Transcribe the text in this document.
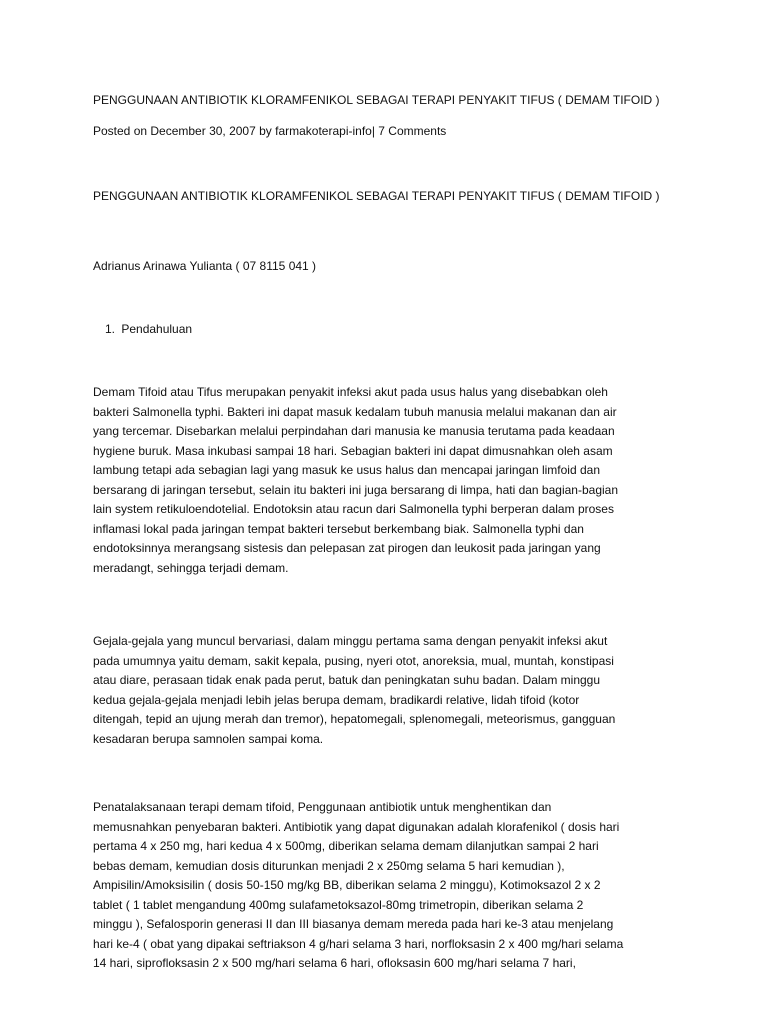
PENGGUNAAN ANTIBIOTIK KLORAMFENIKOL SEBAGAI TERAPI PENYAKIT TIFUS ( DEMAM TIFOID )
Posted on December 30, 2007 by farmakoterapi-info| 7 Comments
PENGGUNAAN ANTIBIOTIK KLORAMFENIKOL SEBAGAI TERAPI PENYAKIT TIFUS ( DEMAM TIFOID )
Adrianus Arinawa Yulianta ( 07 8115 041 )
1. Pendahuluan
Demam Tifoid atau Tifus merupakan penyakit infeksi akut pada usus halus yang disebabkan oleh
bakteri Salmonella typhi. Bakteri ini dapat masuk kedalam tubuh manusia melalui makanan dan air
yang tercemar. Disebarkan melalui perpindahan dari manusia ke manusia terutama pada keadaan
hygiene buruk. Masa inkubasi sampai 18 hari. Sebagian bakteri ini dapat dimusnahkan oleh asam
lambung tetapi ada sebagian lagi yang masuk ke usus halus dan mencapai jaringan limfoid dan
bersarang di jaringan tersebut, selain itu bakteri ini juga bersarang di limpa, hati dan bagian-bagian
lain system retikuloendotelial. Endotoksin atau racun dari Salmonella typhi berperan dalam proses
inflamasi lokal pada jaringan tempat bakteri tersebut berkembang biak. Salmonella typhi dan
endotoksinnya merangsang sistesis dan pelepasan zat pirogen dan leukosit pada jaringan yang
meradangt, sehingga terjadi demam.
Gejala-gejala yang muncul bervariasi, dalam minggu pertama sama dengan penyakit infeksi akut
pada umumnya yaitu demam, sakit kepala, pusing, nyeri otot, anoreksia, mual, muntah, konstipasi
atau diare, perasaan tidak enak pada perut, batuk dan peningkatan suhu badan. Dalam minggu
kedua gejala-gejala menjadi lebih jelas berupa demam, bradikardi relative, lidah tifoid (kotor
ditengah, tepid an ujung merah dan tremor), hepatomegali, splenomegali, meteorismus, gangguan
kesadaran berupa samnolen sampai koma.
Penatalaksanaan terapi demam tifoid, Penggunaan antibiotik untuk menghentikan dan
memusnahkan penyebaran bakteri. Antibiotik yang dapat digunakan adalah klorafenikol ( dosis hari
pertama 4 x 250 mg, hari kedua 4 x 500mg, diberikan selama demam dilanjutkan sampai 2 hari
bebas demam, kemudian dosis diturunkan menjadi 2 x 250mg selama 5 hari kemudian ),
Ampisilin/Amoksisilin ( dosis 50-150 mg/kg BB, diberikan selama 2 minggu), Kotimoksazol 2 x 2
tablet ( 1 tablet mengandung 400mg sulafametoksazol-80mg trimetropin, diberikan selama 2
minggu ), Sefalosporin generasi II dan III biasanya demam mereda pada hari ke-3 atau menjelang
hari ke-4 ( obat yang dipakai seftriakson 4 g/hari selama 3 hari, norfloksasin 2 x 400 mg/hari selama
14 hari, siprofloksasin 2 x 500 mg/hari selama 6 hari, ofloksasin 600 mg/hari selama 7 hari,
